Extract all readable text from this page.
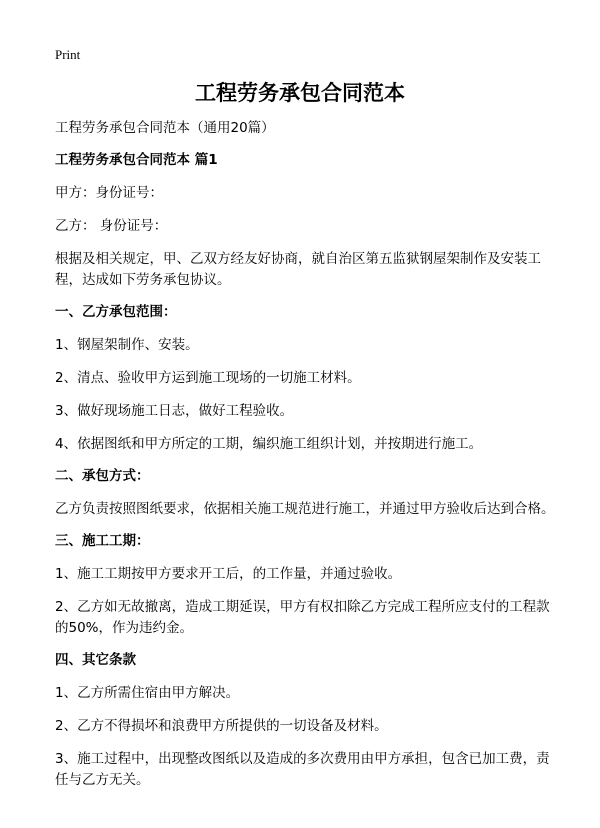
Print
工程劳务承包合同范本

工程劳务承包合同范本（通用20篇）

工程劳务承包合同范本 篇1

甲方：身份证号：

乙方： 身份证号：

根据及相关规定，甲、乙双方经友好协商，就自治区第五监狱钢屋架制作及安装工程，达成如下劳务承包协议。

一、乙方承包范围：

1、钢屋架制作、安装。

2、清点、验收甲方运到施工现场的一切施工材料。

3、做好现场施工日志，做好工程验收。

4、依据图纸和甲方所定的工期，编织施工组织计划，并按期进行施工。

二、承包方式：

乙方负责按照图纸要求，依据相关施工规范进行施工，并通过甲方验收后达到合格。

三、施工工期：

1、施工工期按甲方要求开工后，的工作量，并通过验收。

2、乙方如无故撤离，造成工期延误，甲方有权扣除乙方完成工程所应支付的工程款的50%，作为违约金。

四、其它条款

1、乙方所需住宿由甲方解决。

2、乙方不得损坏和浪费甲方所提供的一切设备及材料。

3、施工过程中，出现整改图纸以及造成的多次费用由甲方承担，包含已加工费，责任与乙方无关。
